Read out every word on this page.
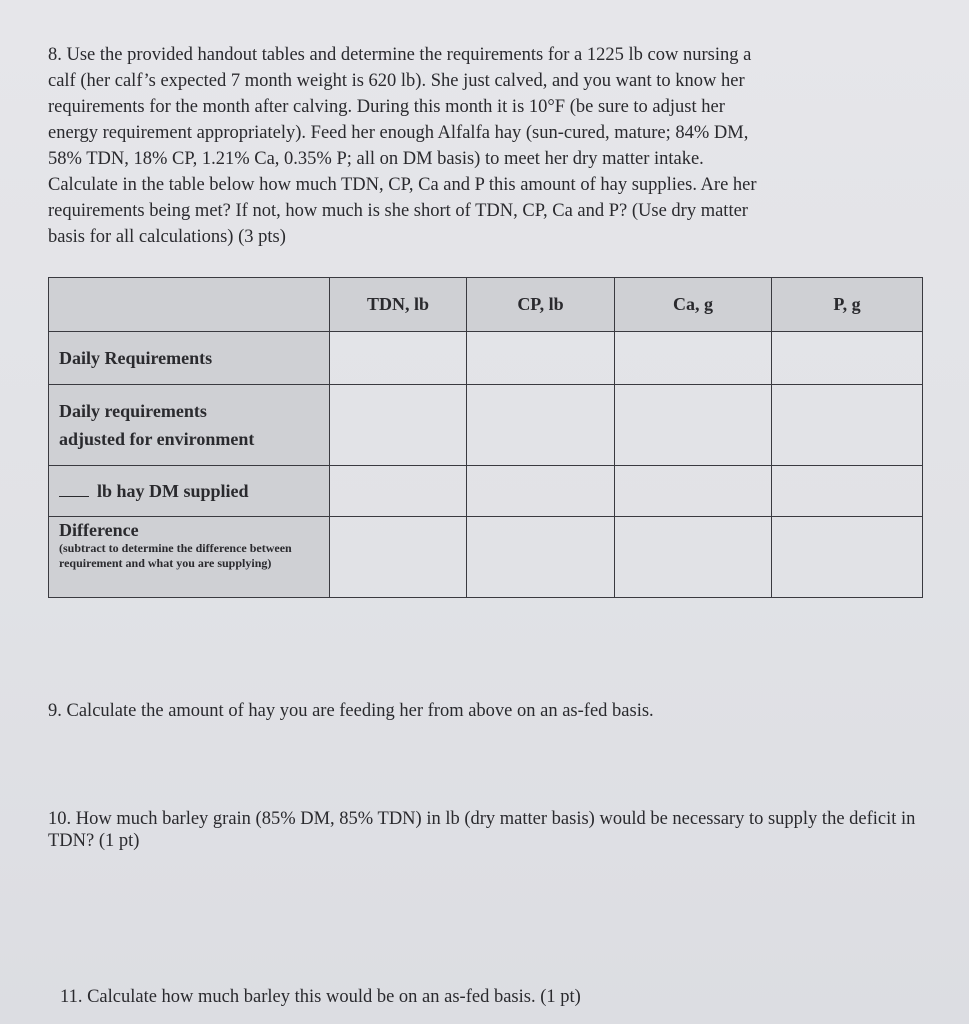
8. Use the provided handout tables and determine the requirements for a 1225 lb cow nursing a
calf (her calf’s expected 7 month weight is 620 lb). She just calved, and you want to know her
requirements for the month after calving. During this month it is 10°F (be sure to adjust her
energy requirement appropriately). Feed her enough Alfalfa hay (sun-cured, mature; 84% DM,
58% TDN, 18% CP, 1.21% Ca, 0.35% P; all on DM basis) to meet her dry matter intake.
Calculate in the table below how much TDN, CP, Ca and P this amount of hay supplies. Are her
requirements being met? If not, how much is she short of TDN, CP, Ca and P? (Use dry matter
basis for all calculations) (3 pts)
	TDN, lb	CP, lb	Ca, g	P, g
Daily Requirements				

Daily requirements
adjusted for environment				

lb hay DM supplied				

Difference
(subtract to determine the difference between requirement and what you are supplying)				

9. Calculate the amount of hay you are feeding her from above on an as-fed basis.
10. How much barley grain (85% DM, 85% TDN) in lb (dry matter basis) would be necessary to supply the deficit in TDN? (1 pt)
11. Calculate how much barley this would be on an as-fed basis. (1 pt)
